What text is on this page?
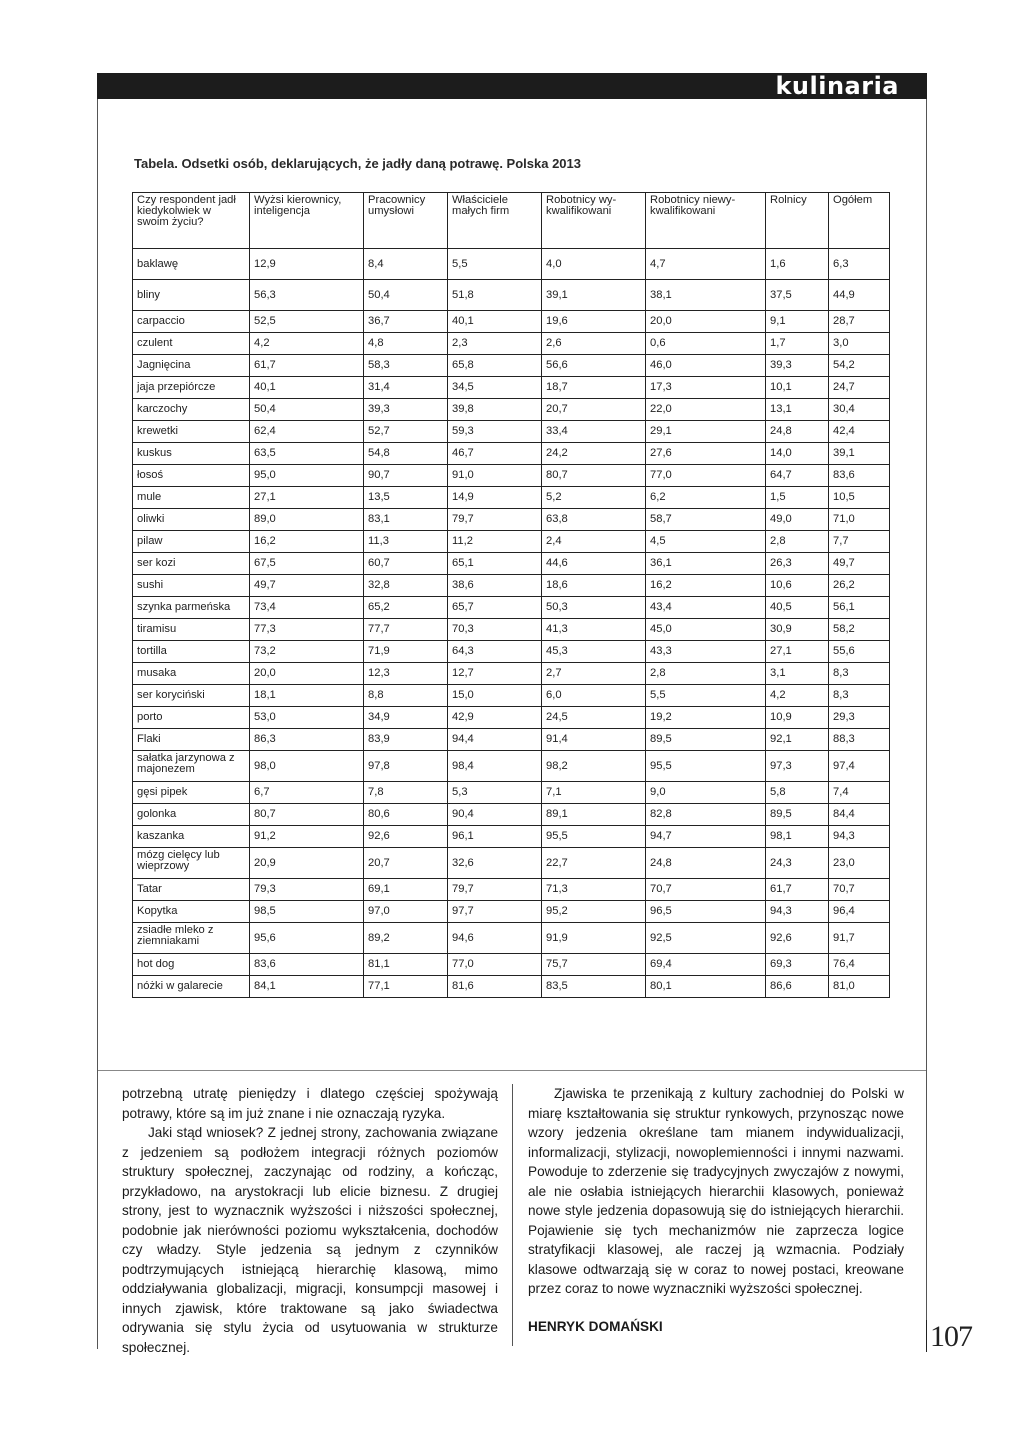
kulinaria
Tabela. Odsetki osób, deklarujących, że jadły daną potrawę. Polska 2013
Czy respondent jadł kiedykolwiek w swoim życiu?	Wyżsi kierownicy, inteligencja	Pracownicy umysłowi	Właściciele małych firm	Robotnicy wy- kwalifikowani	Robotnicy niewy- kwalifikowani	Rolnicy	Ogółem
baklawę	12,9	8,4	5,5	4,0	4,7	1,6	6,3
bliny	56,3	50,4	51,8	39,1	38,1	37,5	44,9
carpaccio	52,5	36,7	40,1	19,6	20,0	9,1	28,7
czulent	4,2	4,8	2,3	2,6	0,6	1,7	3,0
Jagnięcina	61,7	58,3	65,8	56,6	46,0	39,3	54,2
jaja przepiórcze	40,1	31,4	34,5	18,7	17,3	10,1	24,7
karczochy	50,4	39,3	39,8	20,7	22,0	13,1	30,4
krewetki	62,4	52,7	59,3	33,4	29,1	24,8	42,4
kuskus	63,5	54,8	46,7	24,2	27,6	14,0	39,1
łosoś	95,0	90,7	91,0	80,7	77,0	64,7	83,6
mule	27,1	13,5	14,9	5,2	6,2	1,5	10,5
oliwki	89,0	83,1	79,7	63,8	58,7	49,0	71,0
pilaw	16,2	11,3	11,2	2,4	4,5	2,8	7,7
ser kozi	67,5	60,7	65,1	44,6	36,1	26,3	49,7
sushi	49,7	32,8	38,6	18,6	16,2	10,6	26,2
szynka parmeńska	73,4	65,2	65,7	50,3	43,4	40,5	56,1
tiramisu	77,3	77,7	70,3	41,3	45,0	30,9	58,2
tortilla	73,2	71,9	64,3	45,3	43,3	27,1	55,6
musaka	20,0	12,3	12,7	2,7	2,8	3,1	8,3
ser koryciński	18,1	8,8	15,0	6,0	5,5	4,2	8,3
porto	53,0	34,9	42,9	24,5	19,2	10,9	29,3
Flaki	86,3	83,9	94,4	91,4	89,5	92,1	88,3
sałatka jarzynowa z majonezem	98,0	97,8	98,4	98,2	95,5	97,3	97,4
gęsi pipek	6,7	7,8	5,3	7,1	9,0	5,8	7,4
golonka	80,7	80,6	90,4	89,1	82,8	89,5	84,4
kaszanka	91,2	92,6	96,1	95,5	94,7	98,1	94,3
mózg cielęcy lub wieprzowy	20,9	20,7	32,6	22,7	24,8	24,3	23,0
Tatar	79,3	69,1	79,7	71,3	70,7	61,7	70,7
Kopytka	98,5	97,0	97,7	95,2	96,5	94,3	96,4
zsiadłe mleko z ziemniakami	95,6	89,2	94,6	91,9	92,5	92,6	91,7
hot dog	83,6	81,1	77,0	75,7	69,4	69,3	76,4
nóżki w galarecie	84,1	77,1	81,6	83,5	80,1	86,6	81,0

potrzebną utratę pieniędzy i dlatego częściej spożywają potrawy, które są im już znane i nie oznaczają ryzyka.

Jaki stąd wniosek? Z jednej strony, zachowania związane z jedzeniem są podłożem integracji różnych poziomów struktury społecznej, zaczynając od rodziny, a kończąc, przykładowo, na arystokracji lub elicie biznesu. Z drugiej strony, jest to wyznacznik wyższości i niższości społecznej, podobnie jak nierówności poziomu wykształcenia, dochodów czy władzy. Style jedzenia są jednym z czynników podtrzymujących istniejącą hierarchię klasową, mimo oddziaływania globalizacji, migracji, konsumpcji masowej i innych zjawisk, które traktowane są jako świadectwa odrywania się stylu życia od usytuowania w strukturze społecznej.

Zjawiska te przenikają z kultury zachodniej do Polski w miarę kształtowania się struktur rynkowych, przynosząc nowe wzory jedzenia określane tam mianem indywidualizacji, informalizacji, stylizacji, nowoplemienności i innymi nazwami. Powoduje to zderzenie się tradycyjnych zwyczajów z nowymi, ale nie osłabia istniejących hierarchii klasowych, ponieważ nowe style jedzenia dopasowują się do istniejących hierarchii. Pojawienie się tych mechanizmów nie zaprzecza logice stratyfikacji klasowej, ale raczej ją wzmacnia. Podziały klasowe odtwarzają się w coraz to nowej postaci, kreowane przez coraz to nowe wyznaczniki wyższości społecznej.

HENRYK DOMAŃSKI	107
